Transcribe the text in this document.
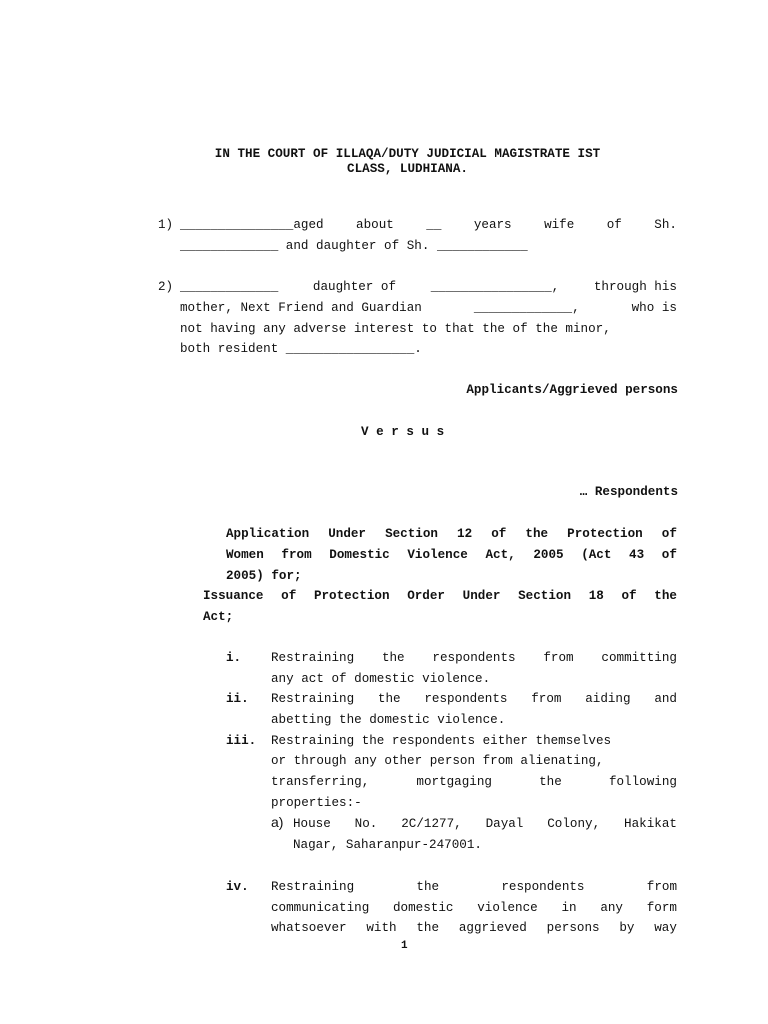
IN THE COURT OF ILLAQA/DUTY JUDICIAL MAGISTRATE IST
CLASS, LUDHIANA.
1) _______________aged	about	__	years	wife	of	Sh.
_____________ and daughter of Sh. ____________
2) _____________	daughter of	________________,	through his
mother, Next Friend and Guardian	_____________,	who is
not having any adverse interest to that the of the minor,
both resident _________________.
Applicants/Aggrieved persons
V e r s u s
… Respondents
Application Under Section 12 of the Protection of
Women from Domestic Violence Act, 2005 (Act 43 of
2005) for;
Issuance of Protection Order Under Section 18 of the
Act;
i. Restraining the respondents from committing
any act of domestic violence.
ii. Restraining the respondents from aiding and
abetting the domestic violence.
iii. Restraining the respondents either themselves
or through any other person from alienating,
transferring,	mortgaging	the	following
properties:-
a) House No. 2C/1277, Dayal Colony, Hakikat
Nagar, Saharanpur-247001.
iv. Restraining	the	respondents	from
communicating domestic violence in any form
whatsoever with the aggrieved persons by way
1
